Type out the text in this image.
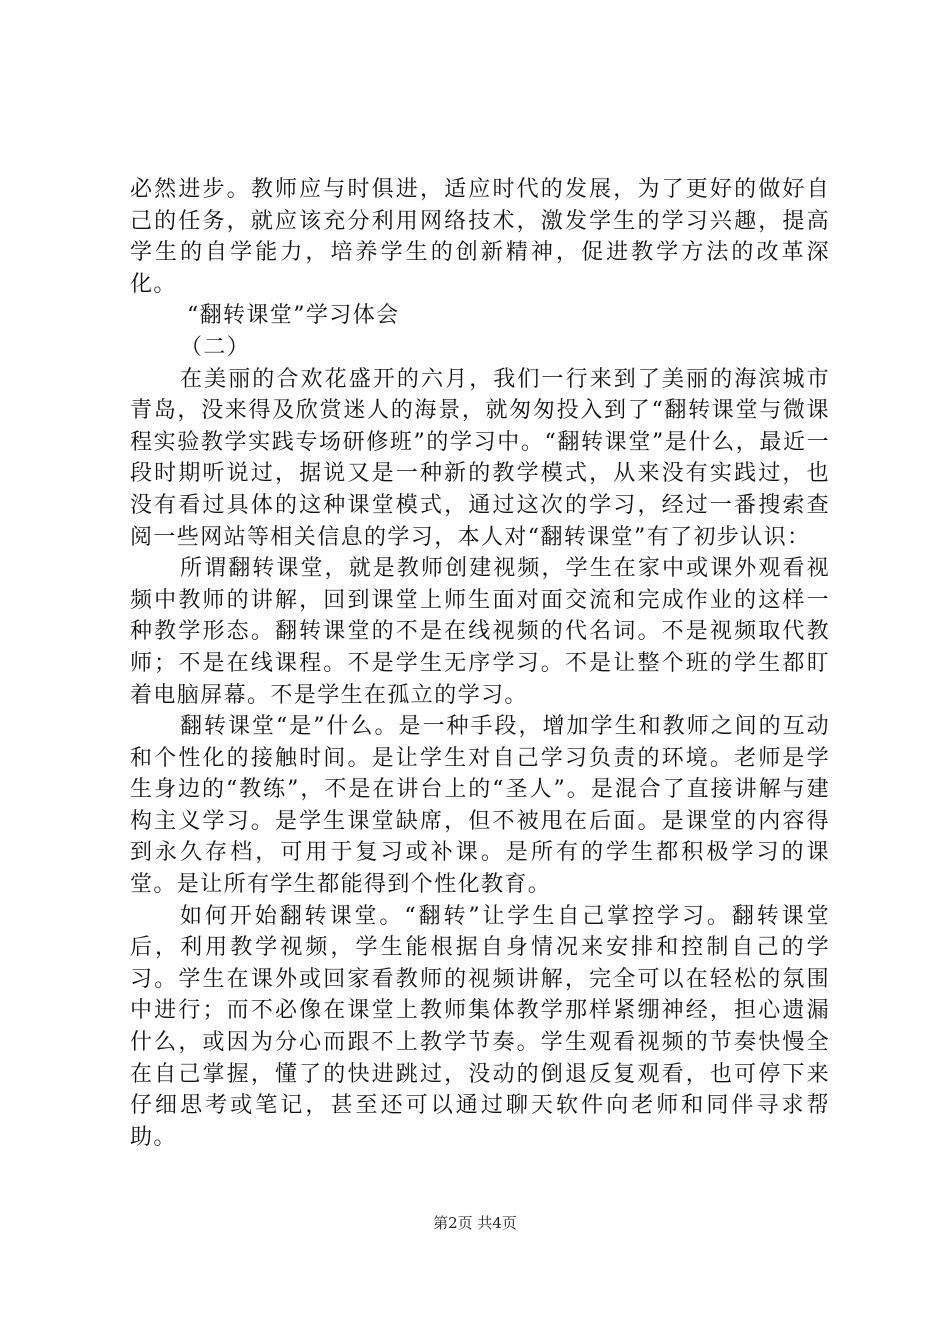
必然进步。教师应与时俱进，适应时代的发展，为了更好的做好自己的任务，就应该充分利用网络技术，激发学生的学习兴趣，提高学生的自学能力，培养学生的创新精神，促进教学方法的改革深化。

“翻转课堂”学习体会

（二）

在美丽的合欢花盛开的六月，我们一行来到了美丽的海滨城市青岛，没来得及欣赏迷人的海景，就匆匆投入到了“翻转课堂与微课程实验教学实践专场研修班”的学习中。“翻转课堂”是什么，最近一段时期听说过，据说又是一种新的教学模式，从来没有实践过，也没有看过具体的这种课堂模式，通过这次的学习，经过一番搜索查阅一些网站等相关信息的学习，本人对“翻转课堂”有了初步认识：

所谓翻转课堂，就是教师创建视频，学生在家中或课外观看视频中教师的讲解，回到课堂上师生面对面交流和完成作业的这样一种教学形态。翻转课堂的不是在线视频的代名词。不是视频取代教师；不是在线课程。不是学生无序学习。不是让整个班的学生都盯着电脑屏幕。不是学生在孤立的学习。

翻转课堂“是”什么。是一种手段，增加学生和教师之间的互动和个性化的接触时间。是让学生对自己学习负责的环境。老师是学生身边的“教练”，不是在讲台上的“圣人”。是混合了直接讲解与建构主义学习。是学生课堂缺席，但不被甩在后面。是课堂的内容得到永久存档，可用于复习或补课。是所有的学生都积极学习的课堂。是让所有学生都能得到个性化教育。

如何开始翻转课堂。“翻转”让学生自己掌控学习。翻转课堂后，利用教学视频，学生能根据自身情况来安排和控制自己的学习。学生在课外或回家看教师的视频讲解，完全可以在轻松的氛围中进行；而不必像在课堂上教师集体教学那样紧绷神经，担心遗漏什么，或因为分心而跟不上教学节奏。学生观看视频的节奏快慢全在自己掌握，懂了的快进跳过，没动的倒退反复观看，也可停下来仔细思考或笔记，甚至还可以通过聊天软件向老师和同伴寻求帮助。

第2页 共4页
